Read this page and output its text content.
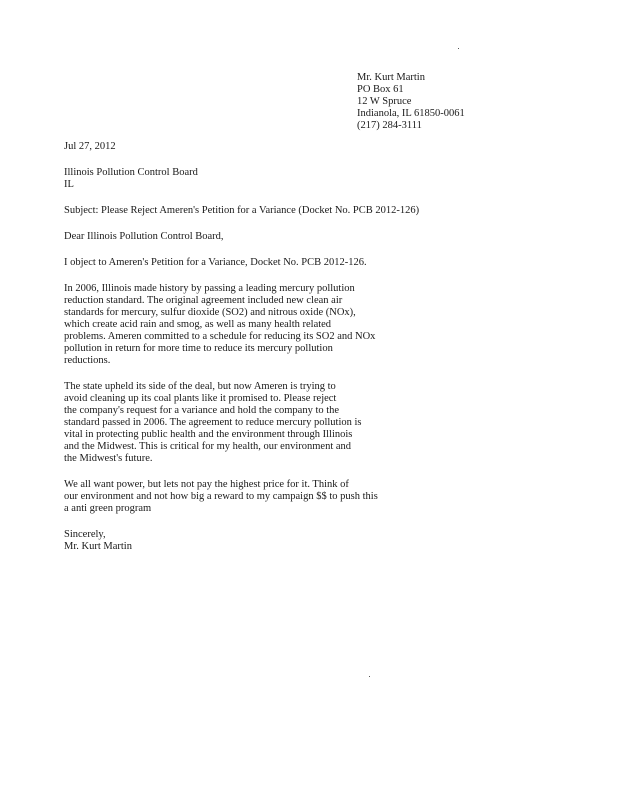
Mr. Kurt Martin
PO Box 61
12 W Spruce
Indianola, IL 61850-0061
(217) 284-3111
Jul 27, 2012
Illinois Pollution Control Board
IL
Subject: Please Reject Ameren's Petition for a Variance (Docket No. PCB 2012-126)
Dear Illinois Pollution Control Board,
I object to Ameren's Petition for a Variance, Docket No. PCB 2012-126.
In 2006, Illinois made history by passing a leading mercury pollution
reduction standard. The original agreement included new clean air
standards for mercury, sulfur dioxide (SO2) and nitrous oxide (NOx),
which create acid rain and smog, as well as many health related
problems. Ameren committed to a schedule for reducing its SO2 and NOx
pollution in return for more time to reduce its mercury pollution
reductions.
The state upheld its side of the deal, but now Ameren is trying to
avoid cleaning up its coal plants like it promised to. Please reject
the company's request for a variance and hold the company to the
standard passed in 2006. The agreement to reduce mercury pollution is
vital in protecting public health and the environment through Illinois
and the Midwest. This is critical for my health, our environment and
the Midwest's future.
We all want power, but lets not pay the highest price for it. Think of
our environment and not how big a reward to my campaign $$ to push this
a anti green program
Sincerely,
Mr. Kurt Martin
